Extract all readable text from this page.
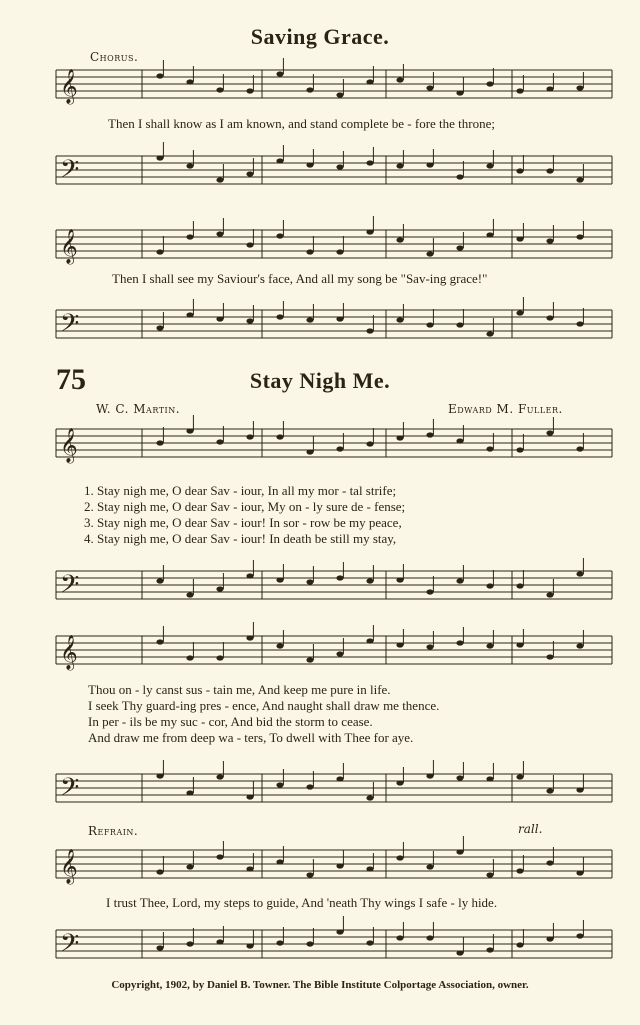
Saving Grace.
Chorus.
𝄞
Then I shall know as I am known, and stand complete be - fore the throne;
𝄢
𝄞
Then I shall see my Saviour's face, And all my song be "Sav-ing grace!"
𝄢
75	Stay Nigh Me.
W. C. Martin.	Edward M. Fuller.
𝄞
1. Stay nigh me, O dear Sav - iour, In all my mor - tal strife;
2. Stay nigh me, O dear Sav - iour, My on - ly sure de - fense;
3. Stay nigh me, O dear Sav - iour! In sor - row be my peace,
4. Stay nigh me, O dear Sav - iour! In death be still my stay,
𝄢
𝄞
Thou on - ly canst sus - tain me, And keep me pure in life.
I seek Thy guard-ing pres - ence, And naught shall draw me thence.
In per - ils be my suc - cor, And bid the storm to cease.
And draw me from deep wa - ters, To dwell with Thee for aye.
𝄢
Refrain.	rall.
𝄞
I trust Thee, Lord, my steps to guide, And 'neath Thy wings I safe - ly hide.
𝄢
Copyright, 1902, by Daniel B. Towner. The Bible Institute Colportage Association, owner.
